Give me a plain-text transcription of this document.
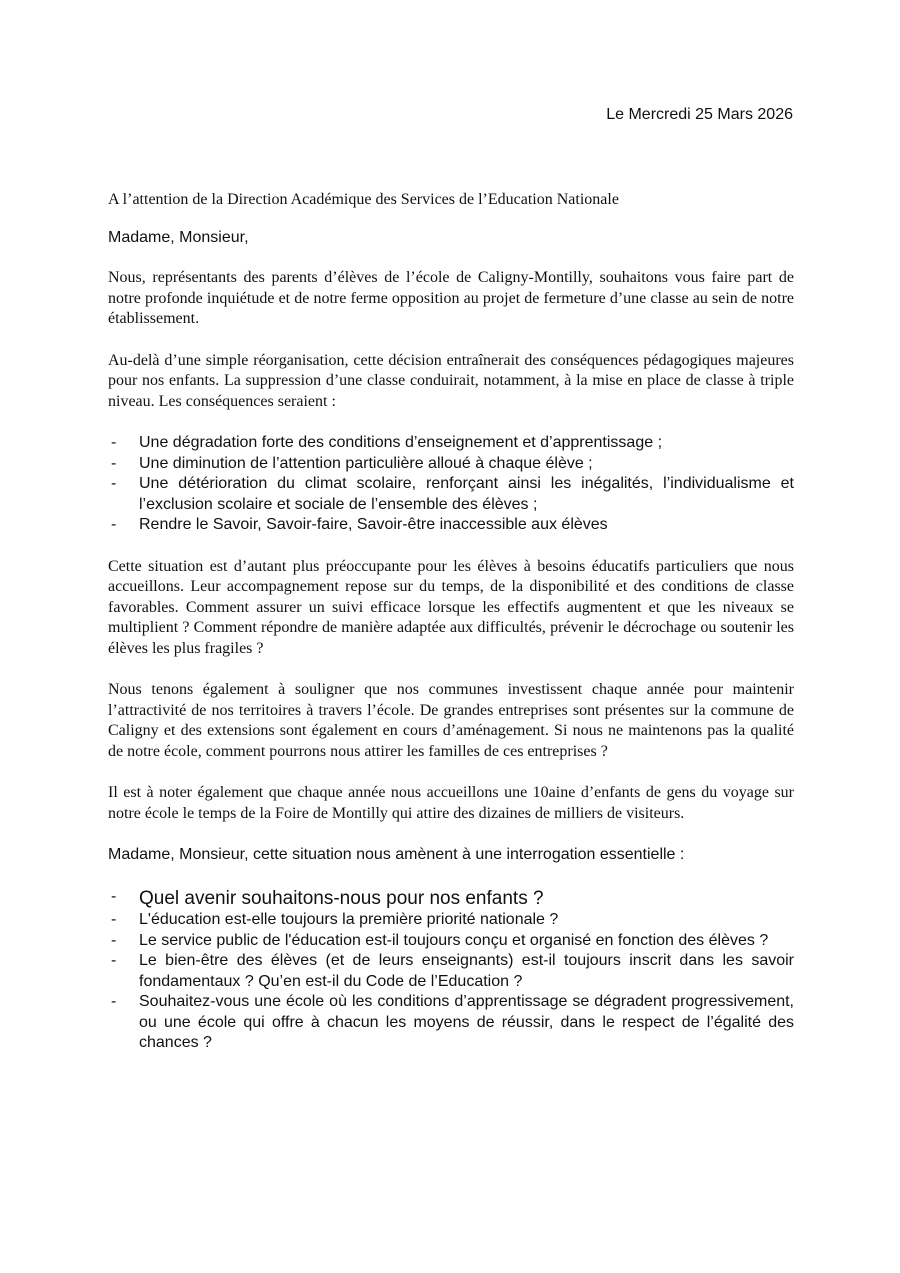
Le Mercredi 25 Mars 2026

A l’attention de la Direction Académique des Services de l’Education Nationale

Madame, Monsieur,

Nous, représentants des parents d’élèves de l’école de Caligny-Montilly, souhaitons vous faire part de notre profonde inquiétude et de notre ferme opposition au projet de fermeture d’une classe au sein de notre établissement.

Au-delà d’une simple réorganisation, cette décision entraînerait des conséquences pédagogiques majeures pour nos enfants. La suppression d’une classe conduirait, notamment, à la mise en place de classe à triple niveau. Les conséquences seraient :

- Une dégradation forte des conditions d’enseignement et d’apprentissage ;
- Une diminution de l’attention particulière alloué à chaque élève ;
- Une détérioration du climat scolaire, renforçant ainsi les inégalités, l’individualisme et l’exclusion scolaire et sociale de l’ensemble des élèves ;
- Rendre le Savoir, Savoir-faire, Savoir-être inaccessible aux élèves

Cette situation est d’autant plus préoccupante pour les élèves à besoins éducatifs particuliers que nous accueillons. Leur accompagnement repose sur du temps, de la disponibilité et des conditions de classe favorables. Comment assurer un suivi efficace lorsque les effectifs augmentent et que les niveaux se multiplient ? Comment répondre de manière adaptée aux difficultés, prévenir le décrochage ou soutenir les élèves les plus fragiles ?

Nous tenons également à souligner que nos communes investissent chaque année pour maintenir l’attractivité de nos territoires à travers l’école. De grandes entreprises sont présentes sur la commune de Caligny et des extensions sont également en cours d’aménagement. Si nous ne maintenons pas la qualité de notre école, comment pourrons nous attirer les familles de ces entreprises ?

Il est à noter également que chaque année nous accueillons une 10aine d’enfants de gens du voyage sur notre école le temps de la Foire de Montilly qui attire des dizaines de milliers de visiteurs.

Madame, Monsieur, cette situation nous amènent à une interrogation essentielle :

- Quel avenir souhaitons-nous pour nos enfants ?
- L'éducation est-elle toujours la première priorité nationale ?
- Le service public de l'éducation est-il toujours conçu et organisé en fonction des élèves ?
- Le bien-être des élèves (et de leurs enseignants) est-il toujours inscrit dans les savoir fondamentaux ? Qu’en est-il du Code de l’Education ?
- Souhaitez-vous une école où les conditions d’apprentissage se dégradent progressivement, ou une école qui offre à chacun les moyens de réussir, dans le respect de l’égalité des chances ?
